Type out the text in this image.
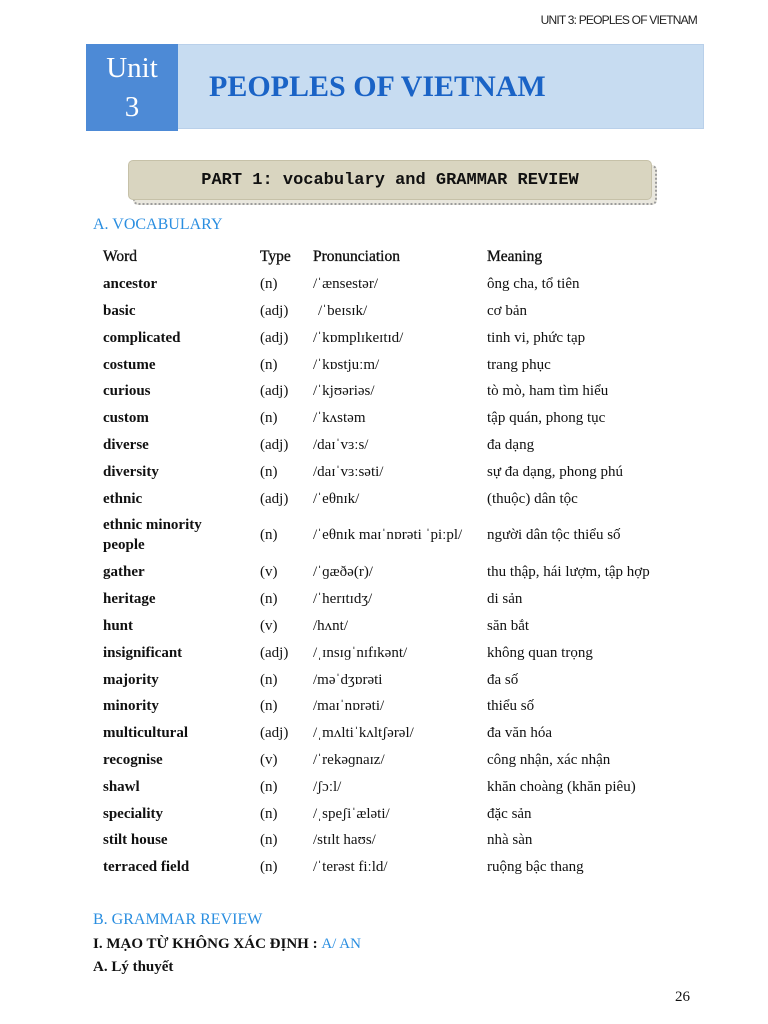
UNIT 3: PEOPLES OF VIETNAM
Unit
3
PEOPLES OF VIETNAM
PART 1: vocabulary and GRAMMAR REVIEW
A. VOCABULARY
Word	Type	Pronunciation	Meaning
ancestor	(n)	/ˈænsestər/	ông cha, tổ tiên
basic	(adj)	/ˈbeɪsɪk/	cơ bản
complicated	(adj)	/ˈkɒmplɪkeɪtɪd/	tinh vi, phức tạp
costume	(n)	/ˈkɒstjuːm/	trang phục
curious	(adj)	/ˈkjʊəriəs/	tò mò, ham tìm hiểu
custom	(n)	/ˈkʌstəm	tập quán, phong tục
diverse	(adj)	/daɪˈvɜːs/	đa dạng
diversity	(n)	/daɪˈvɜːsəti/	sự đa dạng, phong phú
ethnic	(adj)	/ˈeθnɪk/	(thuộc) dân tộc
ethnic minority people	(n)	/ˈeθnɪk maɪˈnɒrəti ˈpiːpl/	người dân tộc thiểu số
gather	(v)	/ˈɡæðə(r)/	thu thập, hái lượm, tập hợp
heritage	(n)	/ˈherɪtɪdʒ/	di sản
hunt	(v)	/hʌnt/	săn bắt
insignificant	(adj)	/ˌɪnsɪɡˈnɪfɪkənt/	không quan trọng
majority	(n)	/məˈdʒɒrəti	đa số
minority	(n)	/maɪˈnɒrəti/	thiểu số
multicultural	(adj)	/ˌmʌltiˈkʌltʃərəl/	đa văn hóa
recognise	(v)	/ˈrekəɡnaɪz/	công nhận, xác nhận
shawl	(n)	/ʃɔːl/	khăn choàng (khăn piêu)
speciality	(n)	/ˌspeʃiˈæləti/	đặc sản
stilt house	(n)	/stɪlt haʊs/	nhà sàn
terraced field	(n)	/ˈterəst fiːld/	ruộng bậc thang
B. GRAMMAR REVIEW
I. MẠO TỪ KHÔNG XÁC ĐỊNH : A/ AN
A. Lý thuyết
26
